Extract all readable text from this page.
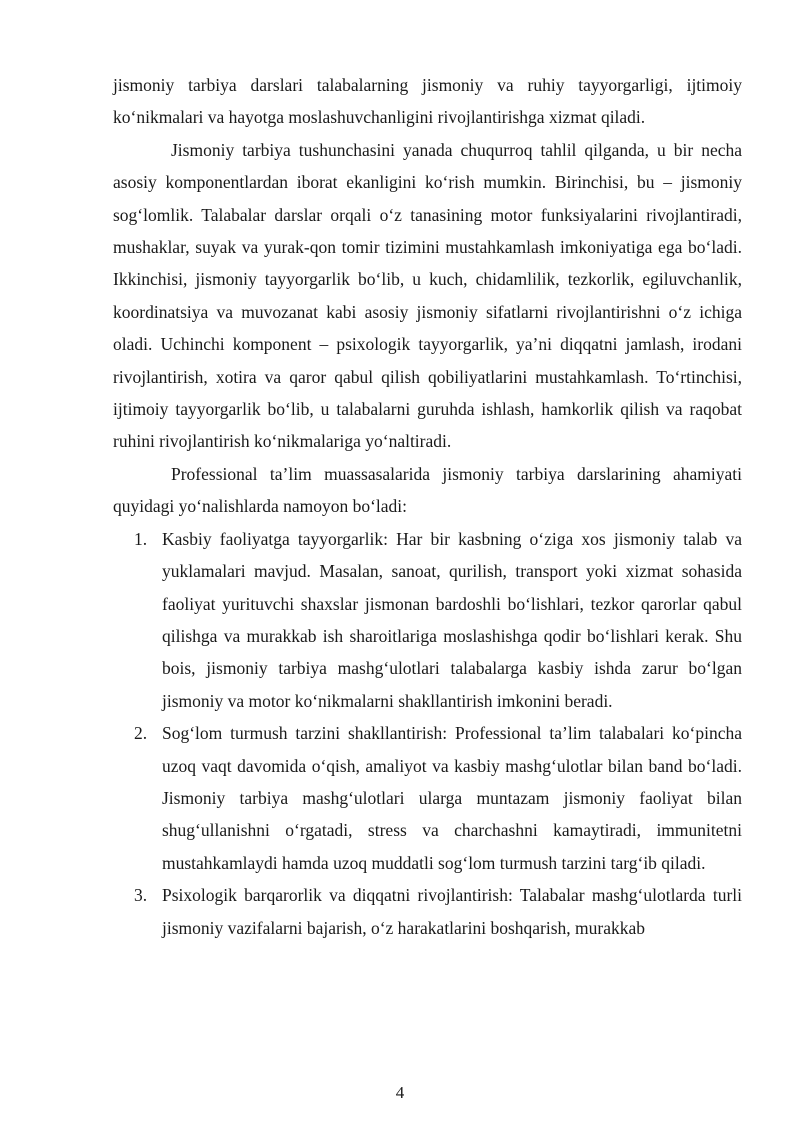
jismoniy tarbiya darslari talabalarning jismoniy va ruhiy tayyorgarligi, ijtimoiy ko‘nikmalari va hayotga moslashuvchanligini rivojlantirishga xizmat qiladi.

Jismoniy tarbiya tushunchasini yanada chuqurroq tahlil qilganda, u bir necha asosiy komponentlardan iborat ekanligini ko‘rish mumkin. Birinchisi, bu – jismoniy sog‘lomlik. Talabalar darslar orqali o‘z tanasining motor funksiyalarini rivojlantiradi, mushaklar, suyak va yurak-qon tomir tizimini mustahkamlash imkoniyatiga ega bo‘ladi. Ikkinchisi, jismoniy tayyorgarlik bo‘lib, u kuch, chidamlilik, tezkorlik, egiluvchanlik, koordinatsiya va muvozanat kabi asosiy jismoniy sifatlarni rivojlantirishni o‘z ichiga oladi. Uchinchi komponent – psixologik tayyorgarlik, ya’ni diqqatni jamlash, irodani rivojlantirish, xotira va qaror qabul qilish qobiliyatlarini mustahkamlash. To‘rtinchisi, ijtimoiy tayyorgarlik bo‘lib, u talabalarni guruhda ishlash, hamkorlik qilish va raqobat ruhini rivojlantirish ko‘nikmalariga yo‘naltiradi.

Professional ta’lim muassasalarida jismoniy tarbiya darslarining ahamiyati quyidagi yo‘nalishlarda namoyon bo‘ladi:

1. Kasbiy faoliyatga tayyorgarlik: Har bir kasbning o‘ziga xos jismoniy talab va yuklamalari mavjud. Masalan, sanoat, qurilish, transport yoki xizmat sohasida faoliyat yurituvchi shaxslar jismonan bardoshli bo‘lishlari, tezkor qarorlar qabul qilishga va murakkab ish sharoitlariga moslashishga qodir bo‘lishlari kerak. Shu bois, jismoniy tarbiya mashg‘ulotlari talabalarga kasbiy ishda zarur bo‘lgan jismoniy va motor ko‘nikmalarni shakllantirish imkonini beradi.
2. Sog‘lom turmush tarzini shakllantirish: Professional ta’lim talabalari ko‘pincha uzoq vaqt davomida o‘qish, amaliyot va kasbiy mashg‘ulotlar bilan band bo‘ladi. Jismoniy tarbiya mashg‘ulotlari ularga muntazam jismoniy faoliyat bilan shug‘ullanishni o‘rgatadi, stress va charchashni kamaytiradi, immunitetni mustahkamlaydi hamda uzoq muddatli sog‘lom turmush tarzini targ‘ib qiladi.
3. Psixologik barqarorlik va diqqatni rivojlantirish: Talabalar mashg‘ulotlarda turli jismoniy vazifalarni bajarish, o‘z harakatlarini boshqarish, murakkab
4
